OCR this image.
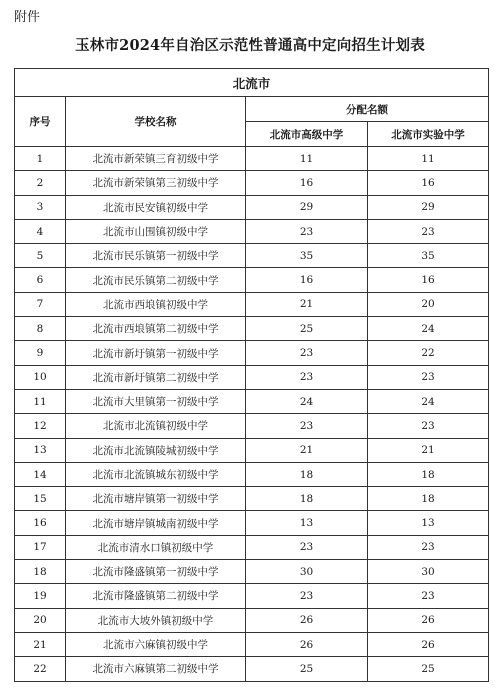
附件
玉林市2024年自治区示范性普通高中定向招生计划表
北流市			
序号	学校名称	分配名额	
		北流市高级中学	北流市实验中学
1	北流市新荣镇三育初级中学	11	11
2	北流市新荣镇第三初级中学	16	16
3	北流市民安镇初级中学	29	29
4	北流市山围镇初级中学	23	23
5	北流市民乐镇第一初级中学	35	35
6	北流市民乐镇第二初级中学	16	16
7	北流市西埌镇初级中学	21	20
8	北流市西埌镇第二初级中学	25	24
9	北流市新圩镇第一初级中学	23	22
10	北流市新圩镇第二初级中学	23	23
11	北流市大里镇第一初级中学	24	24
12	北流市北流镇初级中学	23	23
13	北流市北流镇陵城初级中学	21	21
14	北流市北流镇城东初级中学	18	18
15	北流市塘岸镇第一初级中学	18	18
16	北流市塘岸镇城南初级中学	13	13
17	北流市清水口镇初级中学	23	23
18	北流市隆盛镇第一初级中学	30	30
19	北流市隆盛镇第二初级中学	23	23
20	北流市大坡外镇初级中学	26	26
21	北流市六麻镇初级中学	26	26
22	北流市六麻镇第二初级中学	25	25
